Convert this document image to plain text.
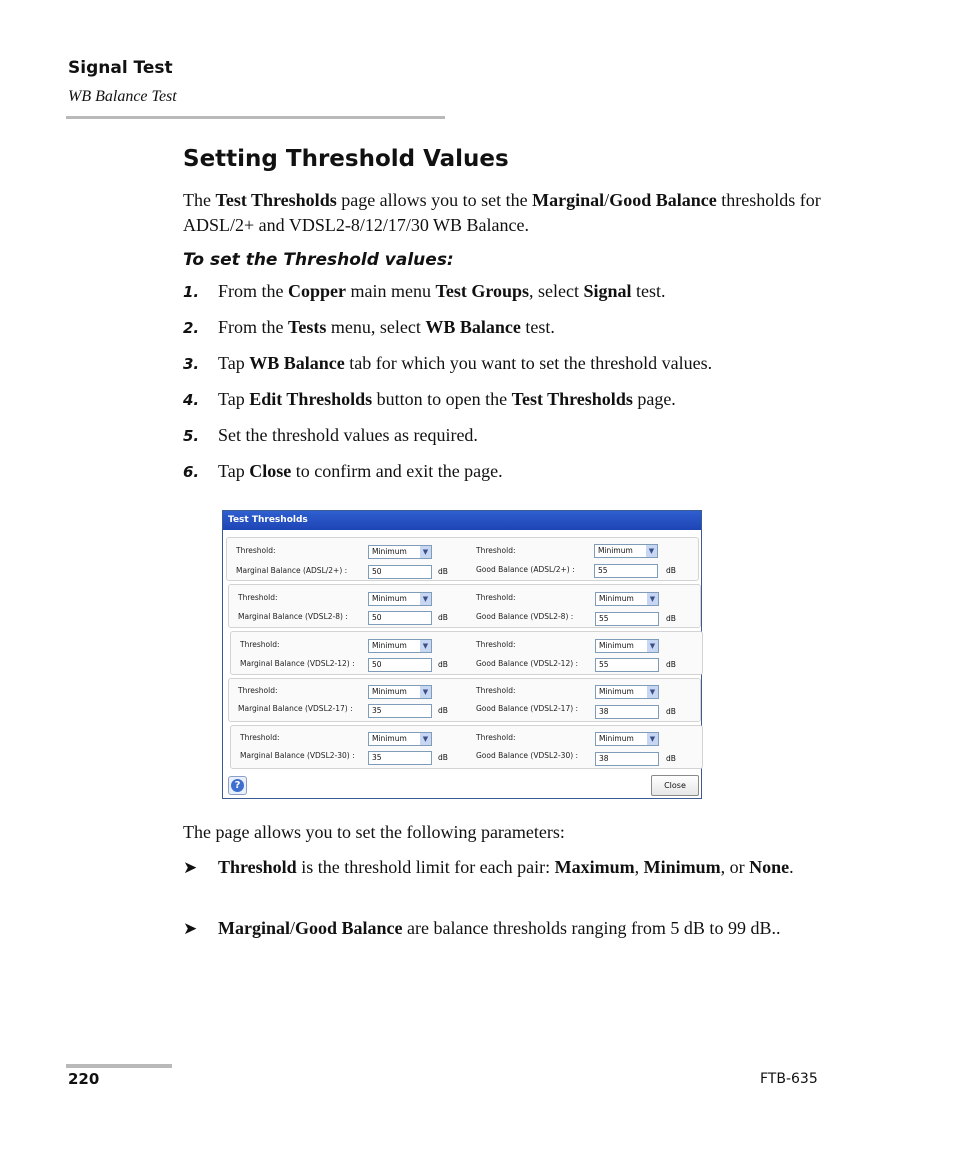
Signal Test
WB Balance Test
Setting Threshold Values
The Test Thresholds page allows you to set the Marginal/Good Balance thresholds for ADSL/2+ and VDSL2-8/12/17/30 WB Balance.
To set the Threshold values:
1. From the Copper main menu Test Groups, select Signal test.
2. From the Tests menu, select WB Balance test.
3. Tap WB Balance tab for which you want to set the threshold values.
4. Tap Edit Thresholds button to open the Test Thresholds page.
5. Set the threshold values as required.
6. Tap Close to confirm and exit the page.
Test Thresholds
Threshold:	Minimum	▼
Marginal Balance (ADSL/2+) :	50	dB
Threshold:	Minimum	▼
Good Balance (ADSL/2+) :	55	dB
Threshold:	Minimum	▼
Marginal Balance (VDSL2-8) :	50	dB
Threshold:	Minimum	▼
Good Balance (VDSL2-8) :	55	dB
Threshold:	Minimum	▼
Marginal Balance (VDSL2-12) :	50	dB
Threshold:	Minimum	▼
Good Balance (VDSL2-12) :	55	dB
Threshold:	Minimum	▼
Marginal Balance (VDSL2-17) :	35	dB
Threshold:	Minimum	▼
Good Balance (VDSL2-17) :	38	dB
Threshold:	Minimum	▼
Marginal Balance (VDSL2-30) :	35	dB
Threshold:	Minimum	▼
Good Balance (VDSL2-30) :	38	dB
?	Close
The page allows you to set the following parameters:
➤ Threshold is the threshold limit for each pair: Maximum, Minimum, or None.
➤ Marginal/Good Balance are balance thresholds ranging from 5 dB to 99 dB..
220	FTB-635
